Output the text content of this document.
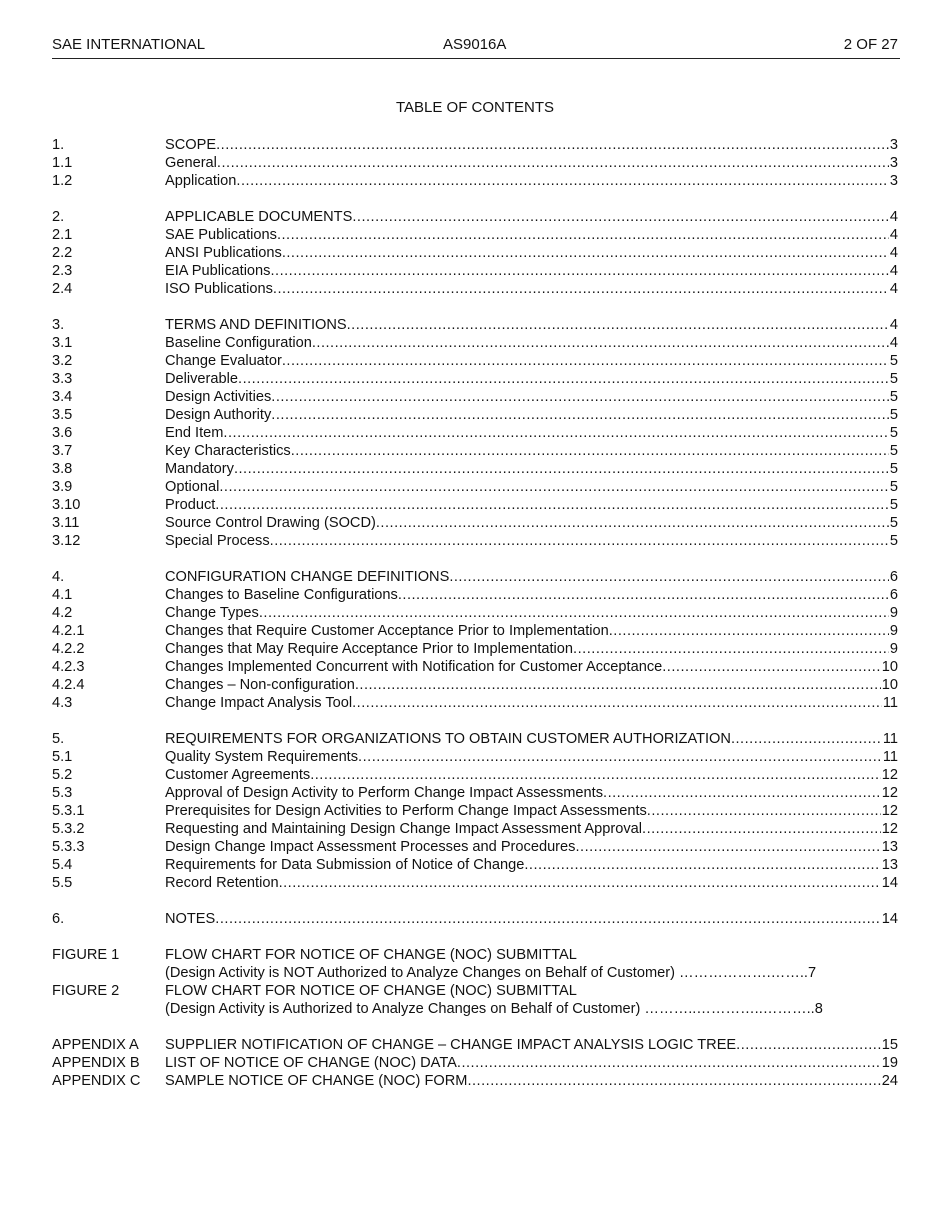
SAE INTERNATIONAL	AS9016A	2 OF 27
TABLE OF CONTENTS
1.	SCOPE .....	3
1.1	General .....	3
1.2	Application .....	3
2.	APPLICABLE DOCUMENTS .....	4
2.1	SAE Publications .....	4
2.2	ANSI Publications .....	4
2.3	EIA Publications .....	4
2.4	ISO Publications .....	4
3.	TERMS AND DEFINITIONS .....	4
3.1	Baseline Configuration .....	4
3.2	Change Evaluator .....	5
3.3	Deliverable .....	5
3.4	Design Activities .....	5
3.5	Design Authority .....	5
3.6	End Item .....	5
3.7	Key Characteristics .....	5
3.8	Mandatory .....	5
3.9	Optional .....	5
3.10	Product .....	5
3.11	Source Control Drawing (SOCD) .....	5
3.12	Special Process .....	5
4.	CONFIGURATION CHANGE DEFINITIONS .....	6
4.1	Changes to Baseline Configurations .....	6
4.2	Change Types .....	9
4.2.1	Changes that Require Customer Acceptance Prior to Implementation .....	9
4.2.2	Changes that May Require Acceptance Prior to Implementation .....	9
4.2.3	Changes Implemented Concurrent with Notification for Customer Acceptance .....	10
4.2.4	Changes – Non-configuration .....	10
4.3	Change Impact Analysis Tool .....	11
5.	REQUIREMENTS FOR ORGANIZATIONS TO OBTAIN CUSTOMER AUTHORIZATION .....	11
5.1	Quality System Requirements .....	11
5.2	Customer Agreements .....	12
5.3	Approval of Design Activity to Perform Change Impact Assessments .....	12
5.3.1	Prerequisites for Design Activities to Perform Change Impact Assessments .....	12
5.3.2	Requesting and Maintaining Design Change Impact Assessment Approval .....	12
5.3.3	Design Change Impact Assessment Processes and Procedures .....	13
5.4	Requirements for Data Submission of Notice of Change .....	13
5.5	Record Retention .....	14
6.	NOTES .....	14
FIGURE 1	FLOW CHART FOR NOTICE OF CHANGE (NOC) SUBMITTAL
(Design Activity is NOT Authorized to Analyze Changes on Behalf of Customer) ……………….……..7
FIGURE 2	FLOW CHART FOR NOTICE OF CHANGE (NOC) SUBMITTAL
(Design Activity is Authorized to Analyze Changes on Behalf of Customer) ………..…………..………..8
APPENDIX A	SUPPLIER NOTIFICATION OF CHANGE – CHANGE IMPACT ANALYSIS LOGIC TREE .....	15
APPENDIX B	LIST OF NOTICE OF CHANGE (NOC) DATA .....	19
APPENDIX C	SAMPLE NOTICE OF CHANGE (NOC) FORM .....	24
